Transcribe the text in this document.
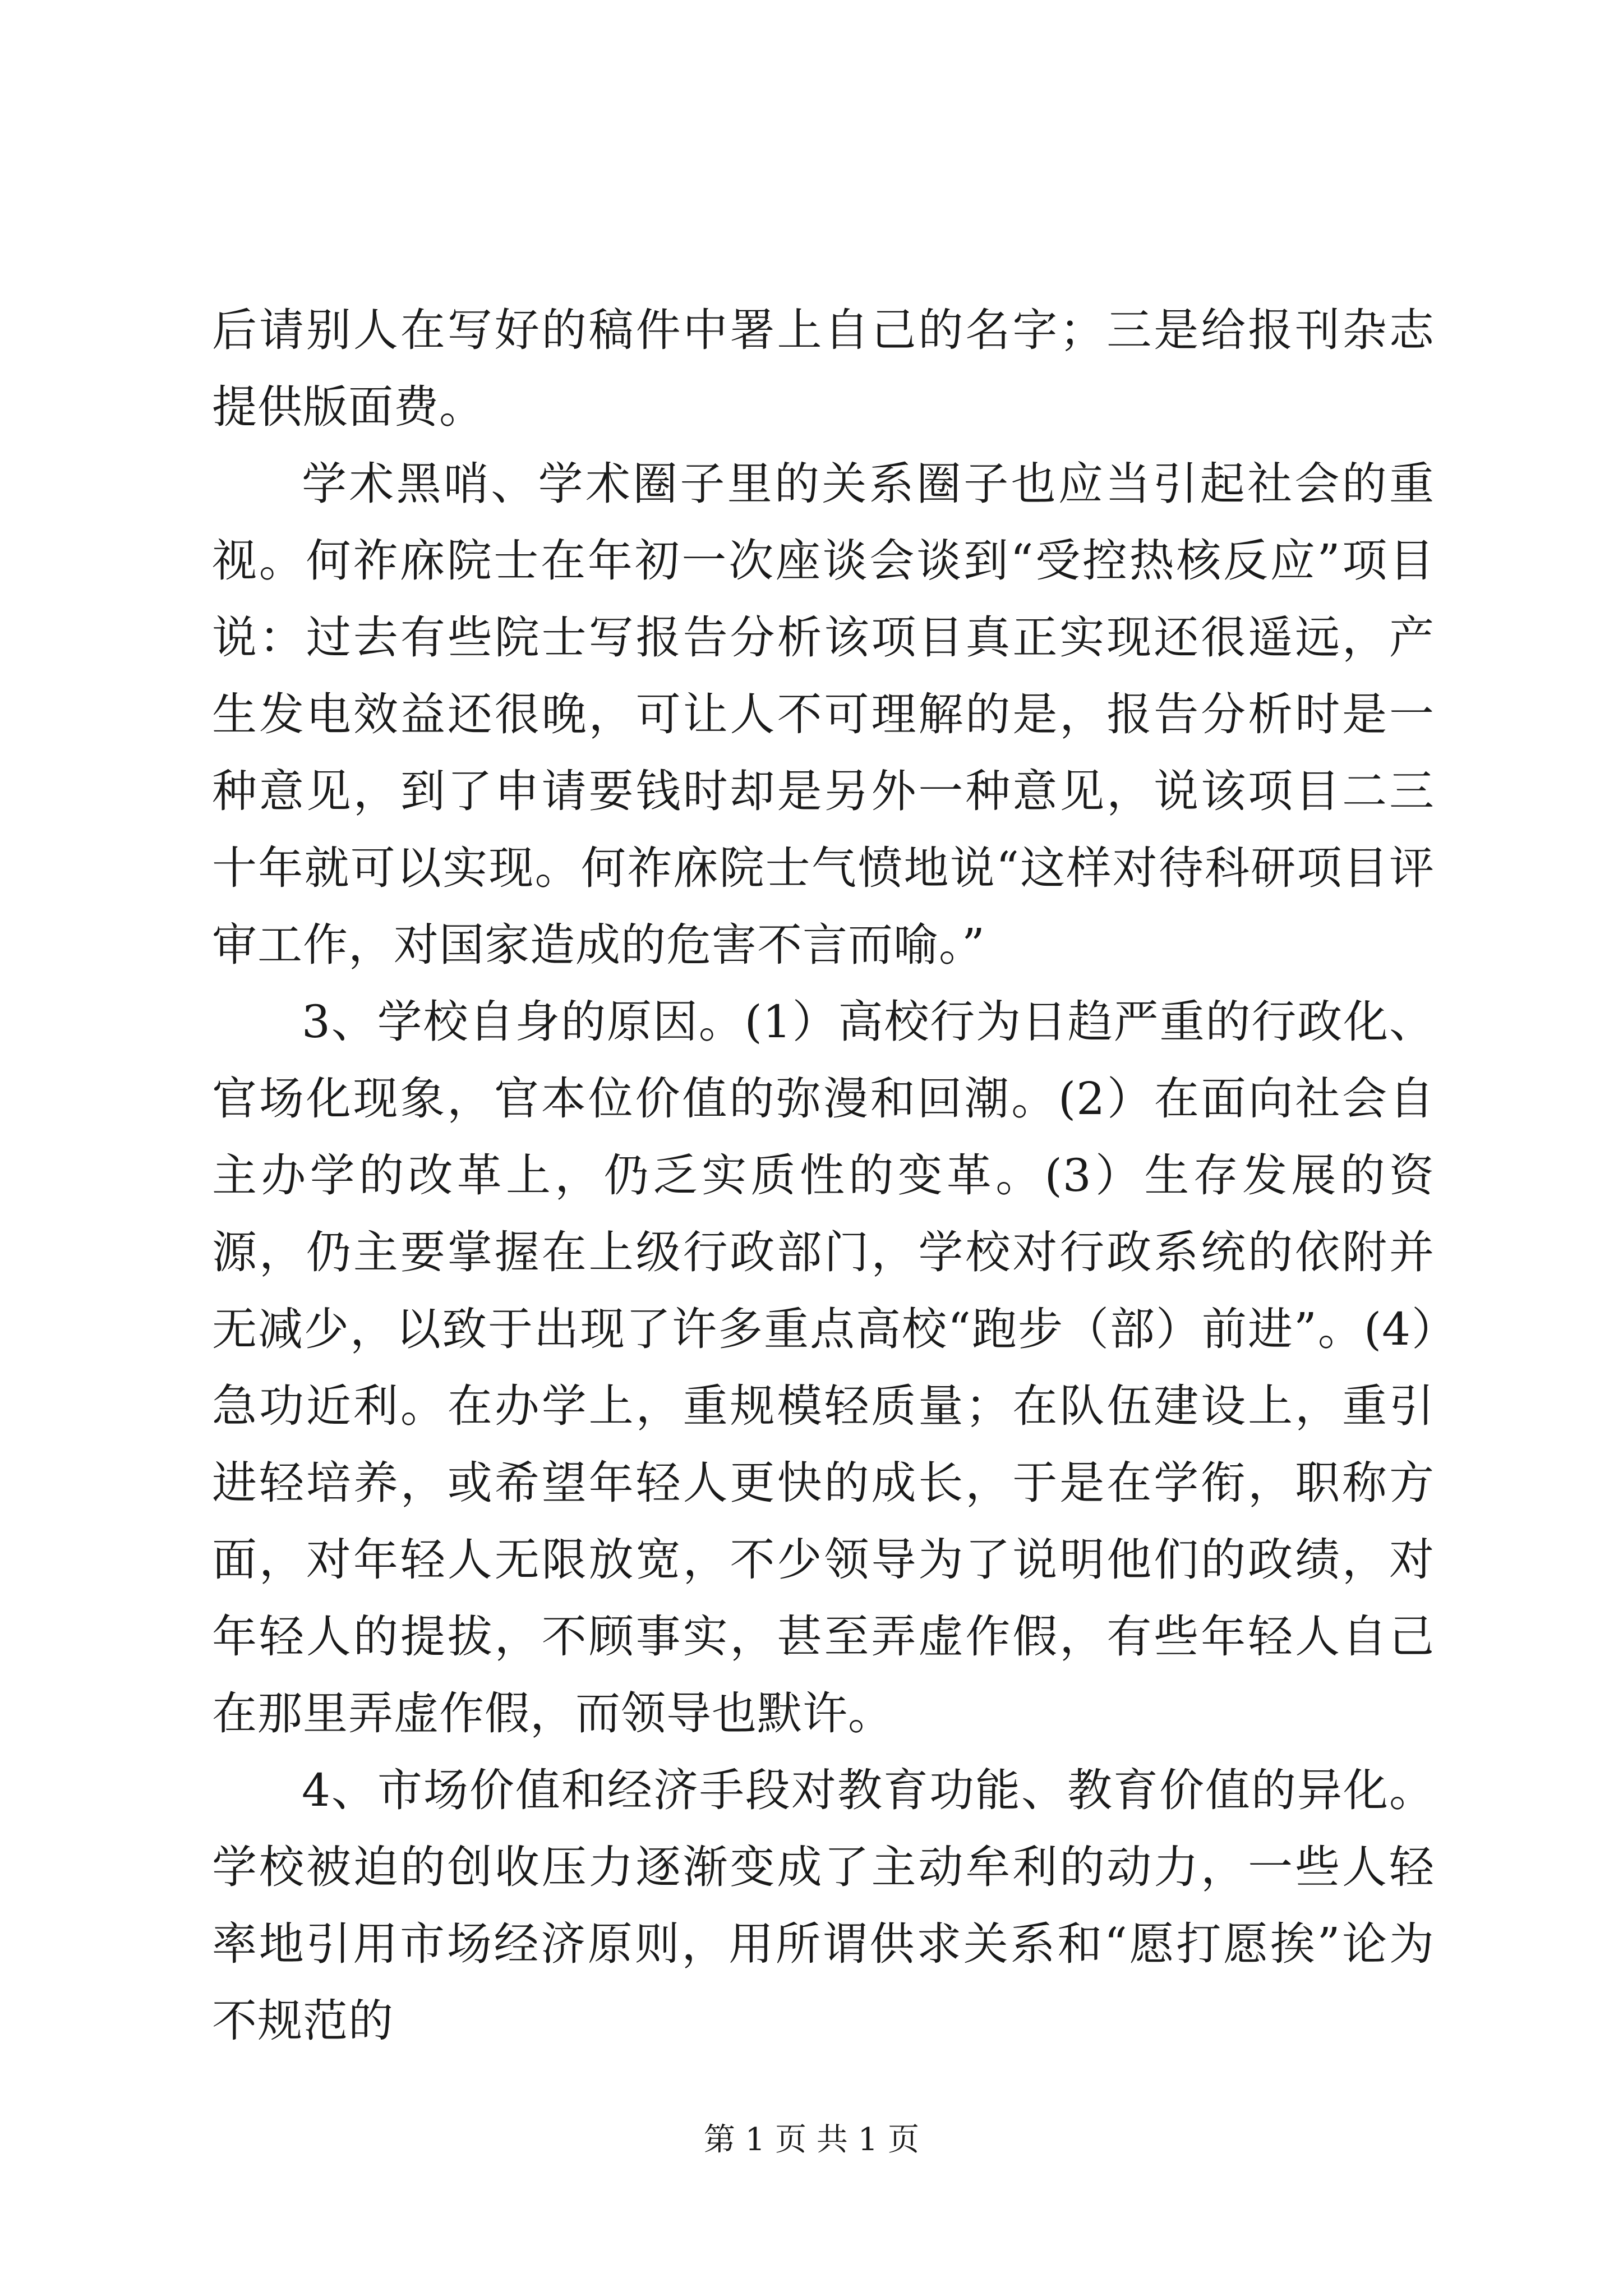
后请别人在写好的稿件中署上自己的名字；三是给报刊杂志提供版面费。

学术黑哨、学术圈子里的关系圈子也应当引起社会的重视。何祚庥院士在年初一次座谈会谈到“受控热核反应”项目说：过去有些院士写报告分析该项目真正实现还很遥远，产生发电效益还很晚，可让人不可理解的是，报告分析时是一种意见，到了申请要钱时却是另外一种意见，说该项目二三十年就可以实现。何祚庥院士气愤地说“这样对待科研项目评审工作，对国家造成的危害不言而喻。”

3、学校自身的原因。(1）高校行为日趋严重的行政化、官场化现象，官本位价值的弥漫和回潮。(2）在面向社会自主办学的改革上，仍乏实质性的变革。(3）生存发展的资源，仍主要掌握在上级行政部门，学校对行政系统的依附并无减少，以致于出现了许多重点高校“跑步（部）前进”。(4）急功近利。在办学上，重规模轻质量；在队伍建设上，重引进轻培养，或希望年轻人更快的成长，于是在学衔，职称方面，对年轻人无限放宽，不少领导为了说明他们的政绩，对年轻人的提拔，不顾事实，甚至弄虚作假，有些年轻人自己在那里弄虚作假，而领导也默许。

4、市场价值和经济手段对教育功能、教育价值的异化。学校被迫的创收压力逐渐变成了主动牟利的动力，一些人轻率地引用市场经济原则，用所谓供求关系和“愿打愿挨”论为不规范的

第 1 页 共 1 页
